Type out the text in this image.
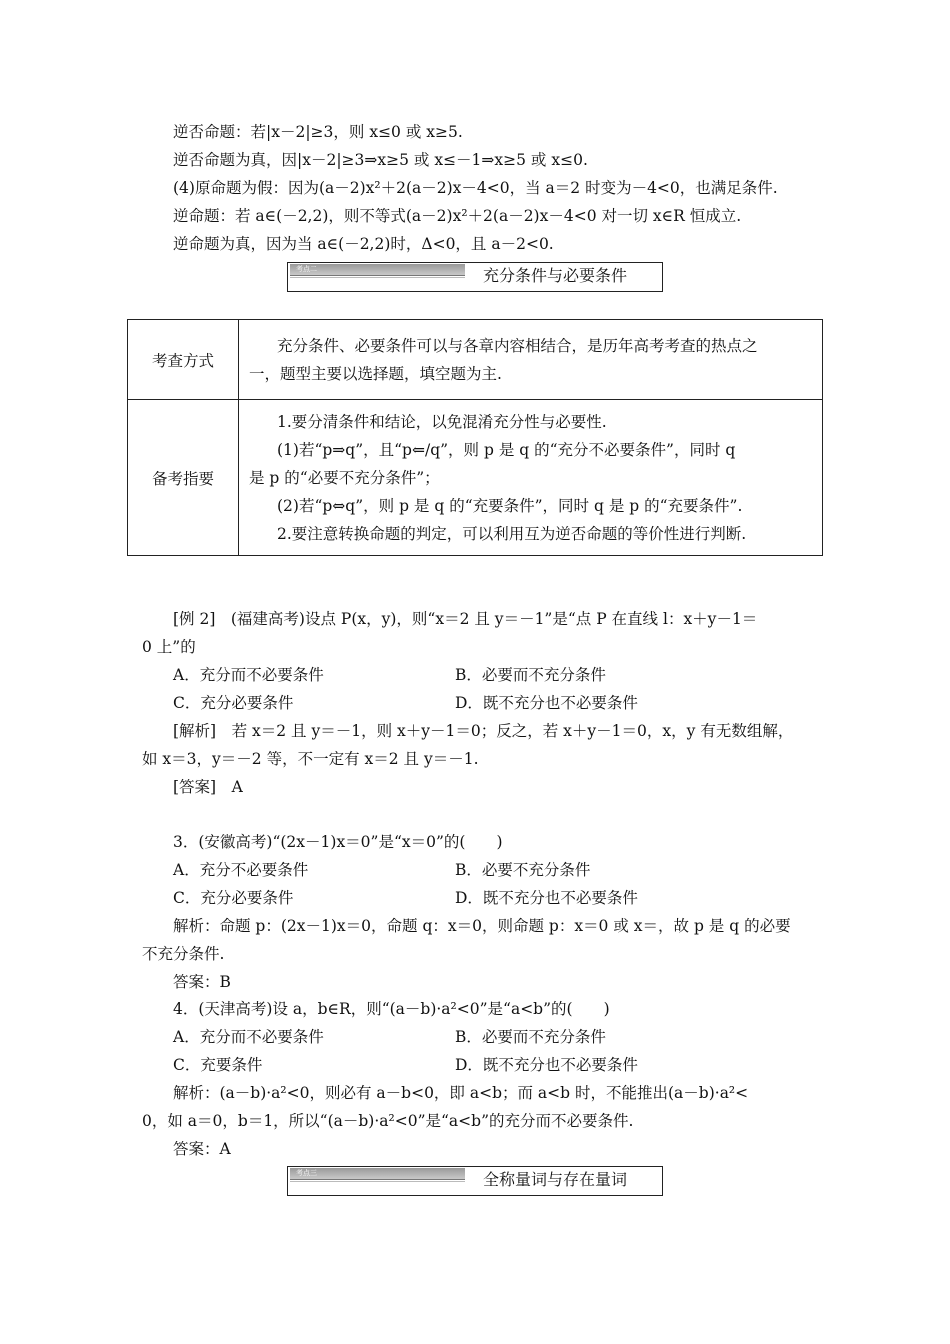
逆否命题：若|x－2|≥3，则 x≤0 或 x≥5.
逆否命题为真，因|x－2|≥3⇒x≥5 或 x≤－1⇒x≥5 或 x≤0.
(4)原命题为假：因为(a－2)x²＋2(a－2)x－4<0，当 a＝2 时变为－4<0，也满足条件.
逆命题：若 a∈(－2,2)，则不等式(a－2)x²＋2(a－2)x－4<0 对一切 x∈R 恒成立.
逆命题为真，因为当 a∈(－2,2)时，Δ<0，且 a－2<0.
考点二	充分条件与必要条件
考查方式	充分条件、必要条件可以与各章内容相结合，是历年高考考查的热点之

一，题型主要以选择题，填空题为主.

备考指要	1.要分清条件和结论，以免混淆充分性与必要性.

(1)若“p⇒q”，且“p⇐/q”，则 p 是 q 的“充分不必要条件”，同时 q

是 p 的“必要不充分条件”；

(2)若“p⇔q”，则 p 是 q 的“充要条件”，同时 q 是 p 的“充要条件”.

2.要注意转换命题的判定，可以利用互为逆否命题的等价性进行判断.

[例 2]　(福建高考)设点 P(x，y)，则“x＝2 且 y＝－1”是“点 P 在直线 l：x＋y－1＝
0 上”的
A．充分而不必要条件	B．必要而不充分条件
C．充分必要条件	D．既不充分也不必要条件
[解析]　若 x＝2 且 y＝－1，则 x＋y－1＝0；反之，若 x＋y－1＝0，x，y 有无数组解，
如 x＝3，y＝－2 等，不一定有 x＝2 且 y＝－1.
[答案]　A
3．(安徽高考)“(2x－1)x＝0”是“x＝0”的(　　)
A．充分不必要条件	B．必要不充分条件
C．充分必要条件	D．既不充分也不必要条件
解析：命题 p：(2x－1)x＝0，命题 q：x＝0，则命题 p：x＝0 或 x＝，故 p 是 q 的必要
不充分条件.
答案：B
4．(天津高考)设 a，b∈R，则“(a－b)·a²<0”是“a<b”的(　　)
A．充分而不必要条件	B．必要而不充分条件
C．充要条件	D．既不充分也不必要条件
解析：(a－b)·a²<0，则必有 a－b<0，即 a<b；而 a<b 时，不能推出(a－b)·a²<
0，如 a＝0，b＝1，所以“(a－b)·a²<0”是“a<b”的充分而不必要条件.
答案：A
考点三	全称量词与存在量词
